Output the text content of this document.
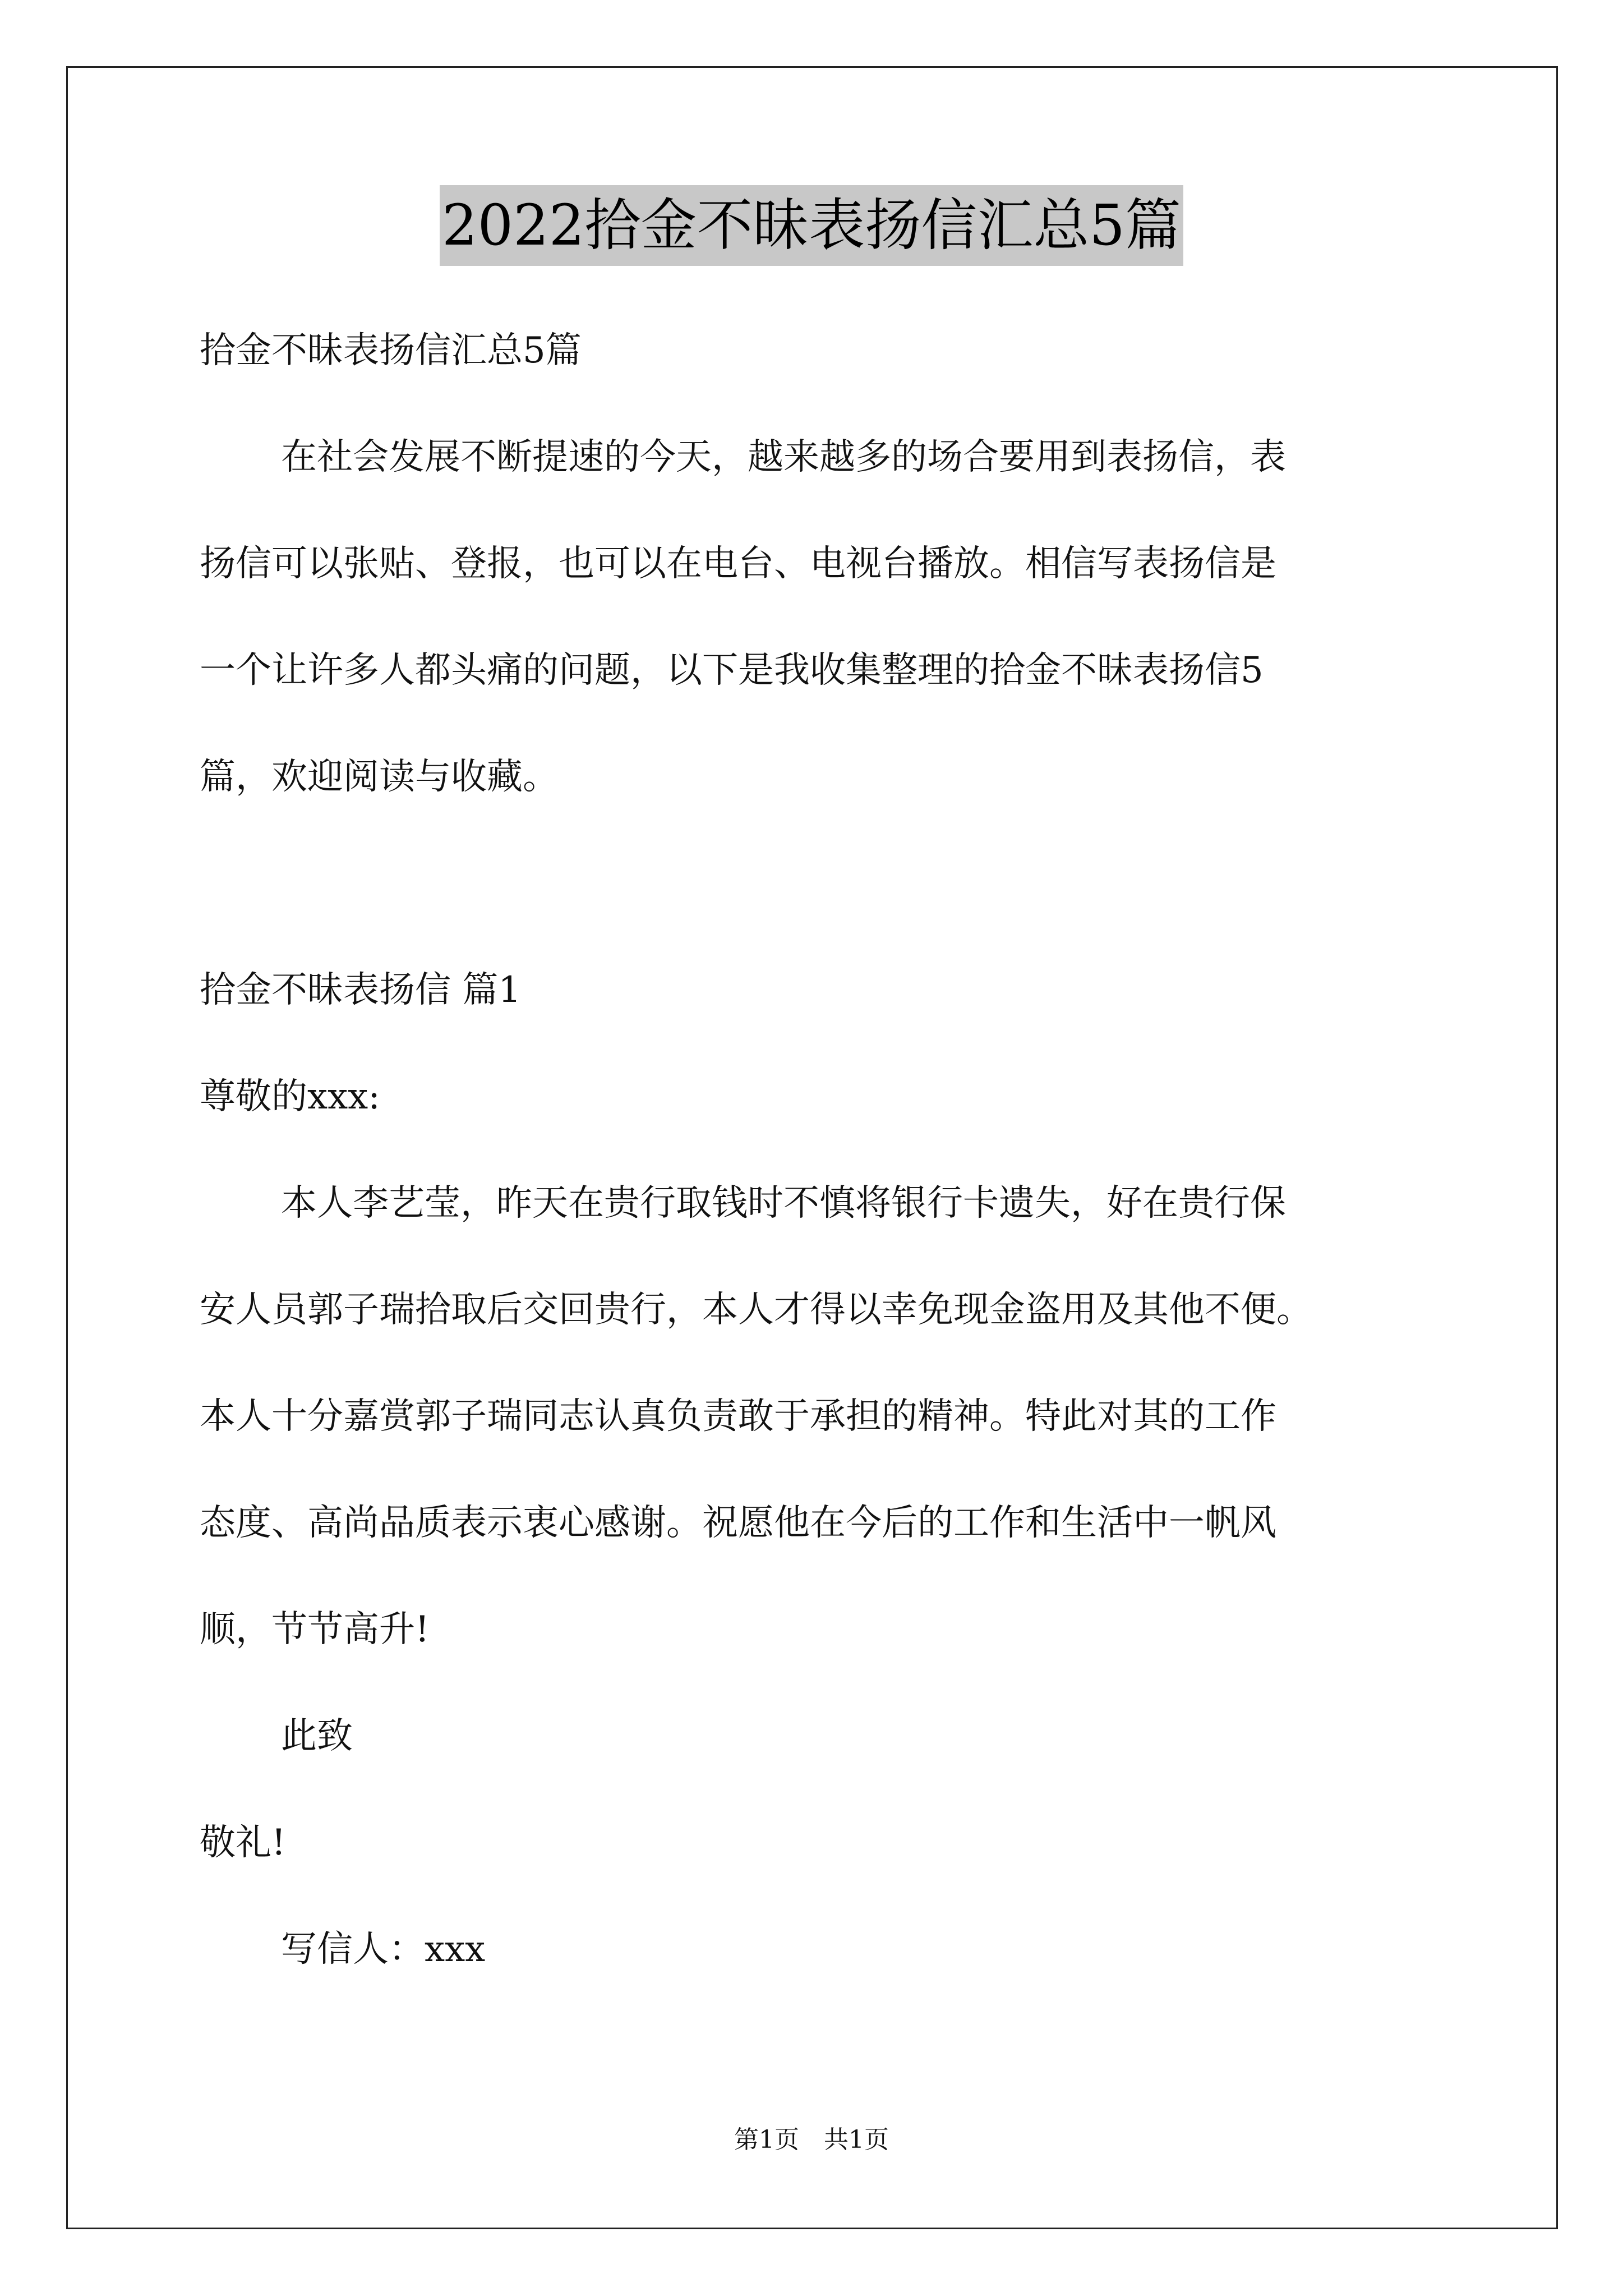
2022拾金不昧表扬信汇总5篇
拾金不昧表扬信汇总5篇
在社会发展不断提速的今天，越来越多的场合要用到表扬信，表
扬信可以张贴、登报，也可以在电台、电视台播放。相信写表扬信是
一个让许多人都头痛的问题，以下是我收集整理的拾金不昧表扬信5
篇，欢迎阅读与收藏。
拾金不昧表扬信 篇1
尊敬的xxx:
本人李艺莹，昨天在贵行取钱时不慎将银行卡遗失，好在贵行保
安人员郭子瑞拾取后交回贵行，本人才得以幸免现金盗用及其他不便。
本人十分嘉赏郭子瑞同志认真负责敢于承担的精神。特此对其的工作
态度、高尚品质表示衷心感谢。祝愿他在今后的工作和生活中一帆风
顺，节节高升!
此致
敬礼!
写信人：xxx
第1页　共1页
